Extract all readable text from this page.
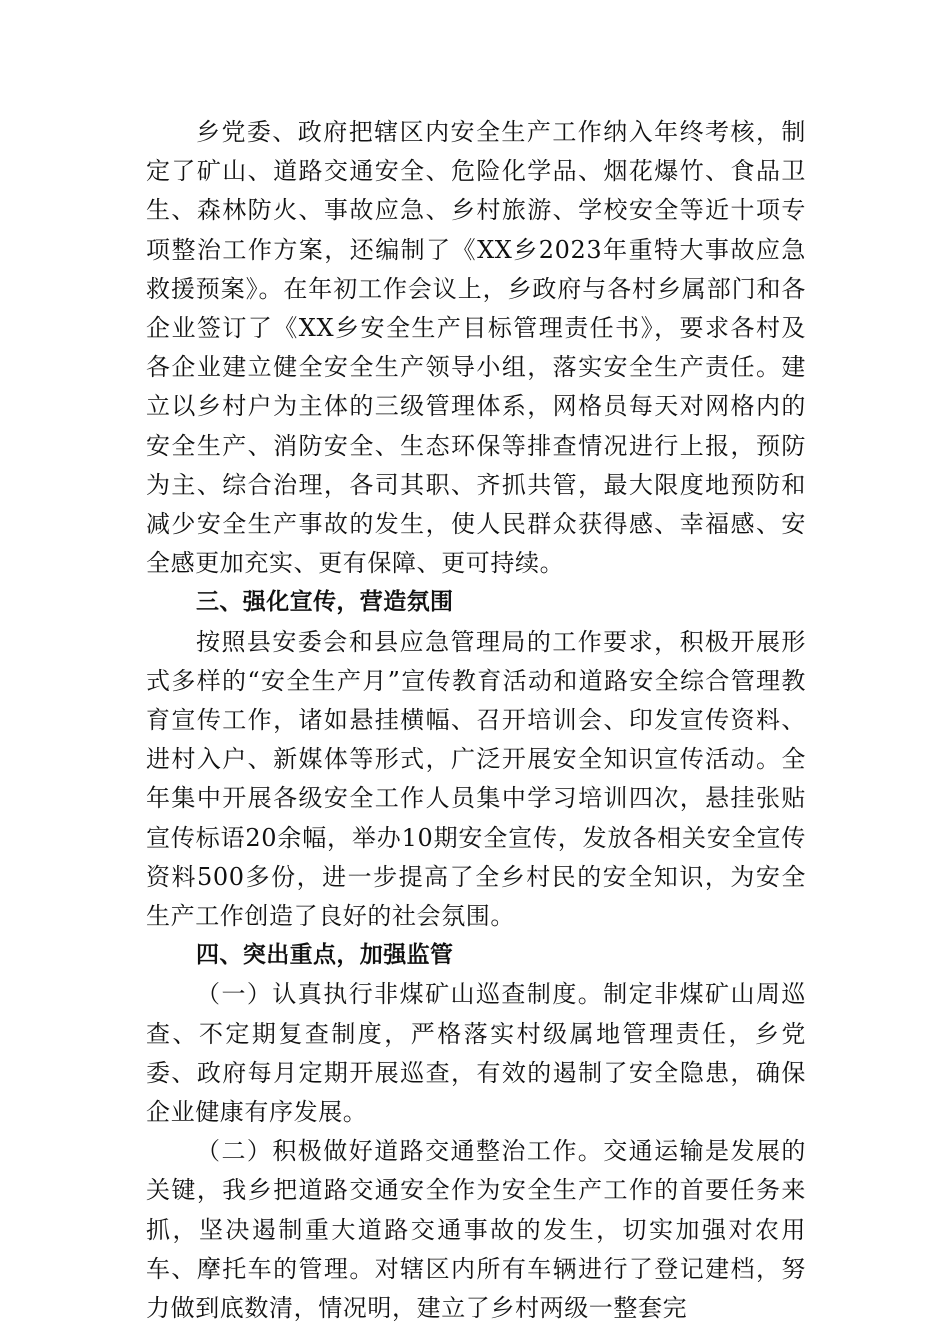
乡党委、政府把辖区内安全生产工作纳入年终考核，制定了矿山、道路交通安全、危险化学品、烟花爆竹、食品卫生、森林防火、事故应急、乡村旅游、学校安全等近十项专项整治工作方案，还编制了《XX乡2023年重特大事故应急救援预案》。在年初工作会议上，乡政府与各村乡属部门和各企业签订了《XX乡安全生产目标管理责任书》，要求各村及各企业建立健全安全生产领导小组，落实安全生产责任。建立以乡村户为主体的三级管理体系，网格员每天对网格内的安全生产、消防安全、生态环保等排查情况进行上报，预防为主、综合治理，各司其职、齐抓共管，最大限度地预防和减少安全生产事故的发生，使人民群众获得感、幸福感、安全感更加充实、更有保障、更可持续。

三、强化宣传，营造氛围

按照县安委会和县应急管理局的工作要求，积极开展形式多样的“安全生产月”宣传教育活动和道路安全综合管理教育宣传工作，诸如悬挂横幅、召开培训会、印发宣传资料、进村入户、新媒体等形式，广泛开展安全知识宣传活动。全年集中开展各级安全工作人员集中学习培训四次，悬挂张贴宣传标语20余幅，举办10期安全宣传，发放各相关安全宣传资料500多份，进一步提高了全乡村民的安全知识，为安全生产工作创造了良好的社会氛围。

四、突出重点，加强监管

（一）认真执行非煤矿山巡查制度。制定非煤矿山周巡查、不定期复查制度，严格落实村级属地管理责任，乡党委、政府每月定期开展巡查，有效的遏制了安全隐患，确保企业健康有序发展。

（二）积极做好道路交通整治工作。交通运输是发展的关键，我乡把道路交通安全作为安全生产工作的首要任务来抓，坚决遏制重大道路交通事故的发生，切实加强对农用车、摩托车的管理。对辖区内所有车辆进行了登记建档，努力做到底数清，情况明，建立了乡村两级一整套完
